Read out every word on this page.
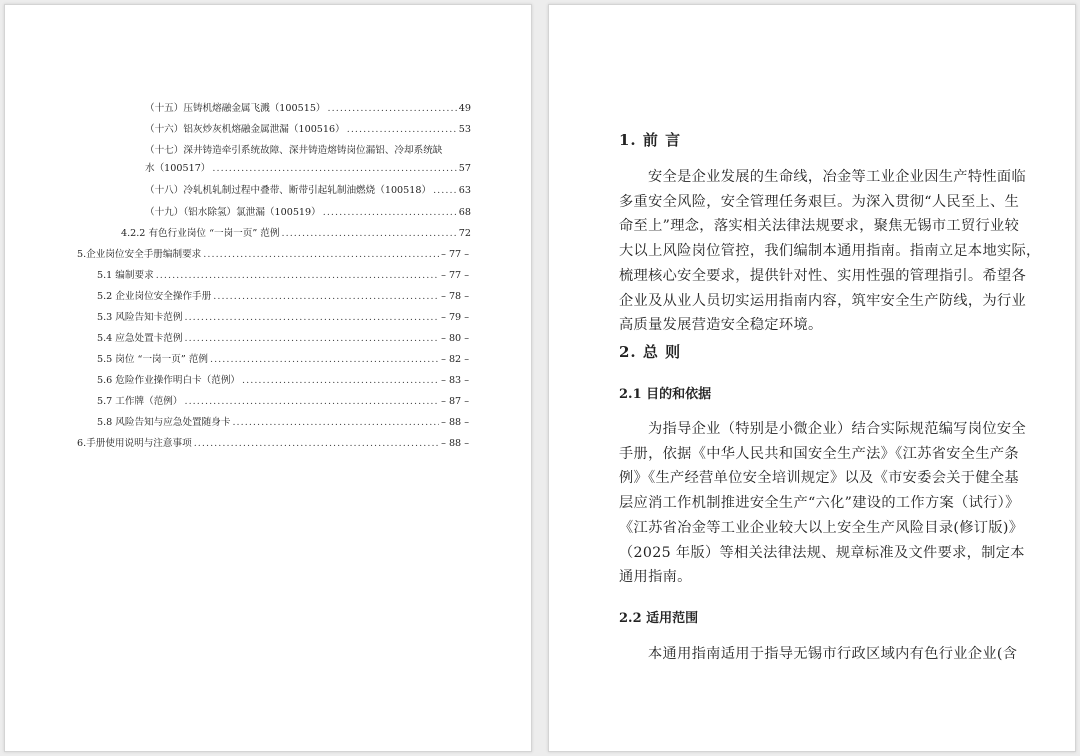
（十五）压铸机熔融金属飞溅（100515） . . .	49
（十六）铝灰炒灰机熔融金属泄漏（100516） . . .	53
（十七）深井铸造牵引系统故障、深井铸造熔铸岗位漏铝、冷却系统缺
水（100517） . . .	57
（十八）冷轧机轧制过程中叠带、断带引起轧制油燃烧（100518） . . .	63
（十九）（铝水除氢）氯泄漏（100519） . . .	68
4.2.2 有色行业岗位 “一岗一页” 范例 . . .	72
5.企业岗位安全手册编制要求 . . .	– 77 –
5.1 编制要求 . . .	– 77 –
5.2 企业岗位安全操作手册 . . .	– 78 –
5.3 风险告知卡范例 . . .	– 79 –
5.4 应急处置卡范例 . . .	– 80 –
5.5 岗位 “一岗一页” 范例 . . .	– 82 –
5.6 危险作业操作明白卡（范例） . . .	– 83 –
5.7 工作牌（范例） . . .	– 87 –
5.8 风险告知与应急处置随身卡 . . .	– 88 –
6.手册使用说明与注意事项 . . .	– 88 –
1. 前 言
安全是企业发展的生命线，冶金等工业企业因生产特性面临
多重安全风险，安全管理任务艰巨。为深入贯彻“人民至上、生
命至上”理念，落实相关法律法规要求，聚焦无锡市工贸行业较
大以上风险岗位管控，我们编制本通用指南。指南立足本地实际，
梳理核心安全要求，提供针对性、实用性强的管理指引。希望各
企业及从业人员切实运用指南内容，筑牢安全生产防线，为行业
高质量发展营造安全稳定环境。
2. 总 则
2.1 目的和依据
为指导企业（特别是小微企业）结合实际规范编写岗位安全
手册，依据《中华人民共和国安全生产法》《江苏省安全生产条
例》《生产经营单位安全培训规定》以及《市安委会关于健全基
层应消工作机制推进安全生产“六化”建设的工作方案（试行）》
《江苏省冶金等工业企业较大以上安全生产风险目录(修订版)》
（2025 年版）等相关法律法规、规章标准及文件要求，制定本
通用指南。
2.2 适用范围
本通用指南适用于指导无锡市行政区域内有色行业企业(含
